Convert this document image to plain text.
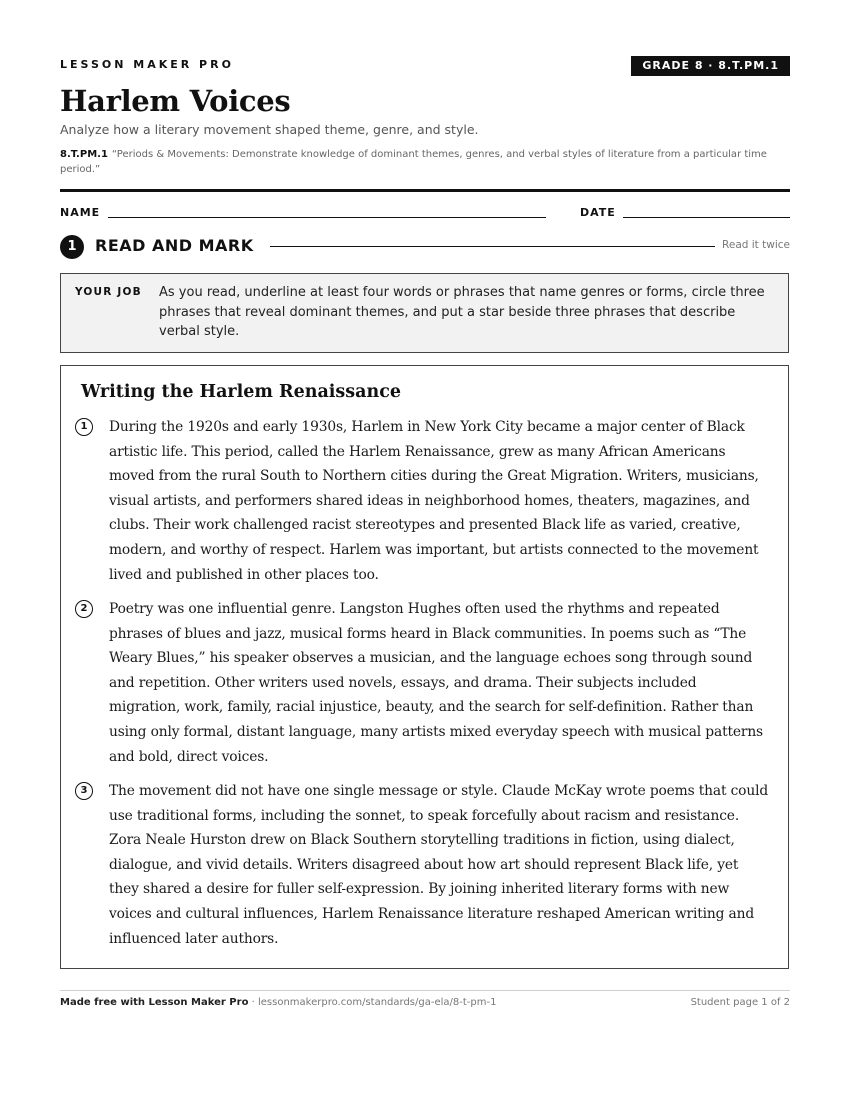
LESSON MAKER PRO	GRADE 8 · 8.T.PM.1
Harlem Voices
Analyze how a literary movement shaped theme, genre, and style.
8.T.PM.1 “Periods & Movements: Demonstrate knowledge of dominant themes, genres, and verbal styles of literature from a particular time period.”
NAME	DATE
1	READ AND MARK	Read it twice
YOUR JOB As you read, underline at least four words or phrases that name genres or forms, circle three phrases that reveal dominant themes, and put a star beside three phrases that describe verbal style.
Writing the Harlem Renaissance
1	During the 1920s and early 1930s, Harlem in New York City became a major center of Black artistic life. This period, called the Harlem Renaissance, grew as many African Americans moved from the rural South to Northern cities during the Great Migration. Writers, musicians, visual artists, and performers shared ideas in neighborhood homes, theaters, magazines, and clubs. Their work challenged racist stereotypes and presented Black life as varied, creative, modern, and worthy of respect. Harlem was important, but artists connected to the movement lived and published in other places too.
2	Poetry was one influential genre. Langston Hughes often used the rhythms and repeated phrases of blues and jazz, musical forms heard in Black communities. In poems such as “The Weary Blues,” his speaker observes a musician, and the language echoes song through sound and repetition. Other writers used novels, essays, and drama. Their subjects included migration, work, family, racial injustice, beauty, and the search for self-definition. Rather than using only formal, distant language, many artists mixed everyday speech with musical patterns and bold, direct voices.
3	The movement did not have one single message or style. Claude McKay wrote poems that could use traditional forms, including the sonnet, to speak forcefully about racism and resistance. Zora Neale Hurston drew on Black Southern storytelling traditions in fiction, using dialect, dialogue, and vivid details. Writers disagreed about how art should represent Black life, yet they shared a desire for fuller self-expression. By joining inherited literary forms with new voices and cultural influences, Harlem Renaissance literature reshaped American writing and influenced later authors.
Made free with Lesson Maker Pro · lessonmakerpro.com/standards/ga-ela/8-t-pm-1	Student page 1 of 2
